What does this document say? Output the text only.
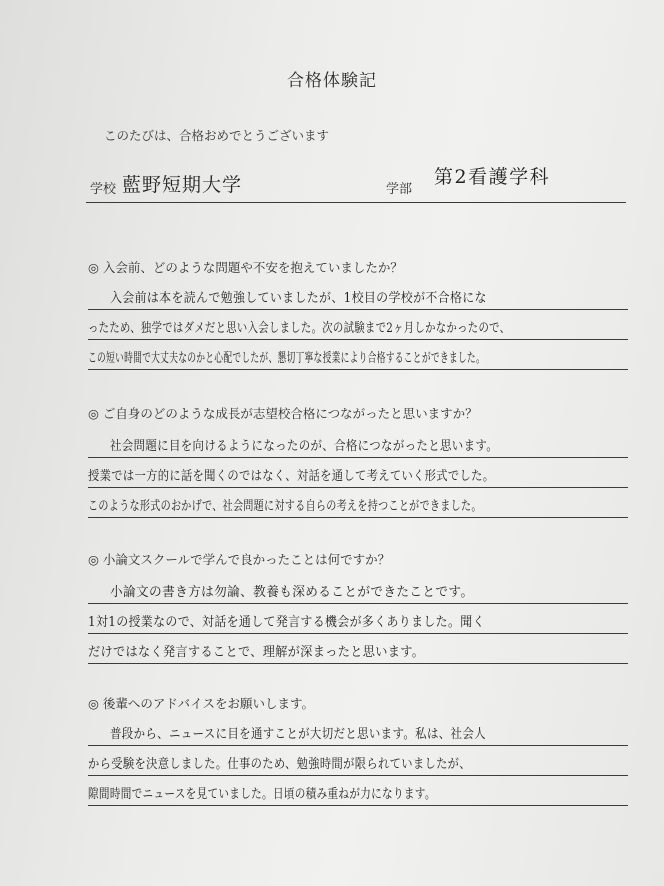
合格体験記
このたびは、合格おめでとうございます
学校 藍野短期大学	学部
第2看護学科
◎ 入会前、どのような問題や不安を抱えていましたか？
入会前は本を読んで勉強していましたが、1校目の学校が不合格にな
ったため、独学ではダメだと思い入会しました。次の試験まで2ヶ月しかなかったので、
この短い時間で大丈夫なのかと心配でしたが、懇切丁寧な授業により合格することができました。
◎ ご自身のどのような成長が志望校合格につながったと思いますか？
社会問題に目を向けるようになったのが、合格につながったと思います。
授業では一方的に話を聞くのではなく、対話を通して考えていく形式でした。
このような形式のおかげで、社会問題に対する自らの考えを持つことができました。
◎ 小論文スクールで学んで良かったことは何ですか？
小論文の書き方は勿論、教養も深めることができたことです。
1対1の授業なので、対話を通して発言する機会が多くありました。聞く
だけではなく発言することで、理解が深まったと思います。
◎ 後輩へのアドバイスをお願いします。
普段から、ニュースに目を通すことが大切だと思います。私は、社会人
から受験を決意しました。仕事のため、勉強時間が限られていましたが、
隙間時間でニュースを見ていました。日頃の積み重ねが力になります。
